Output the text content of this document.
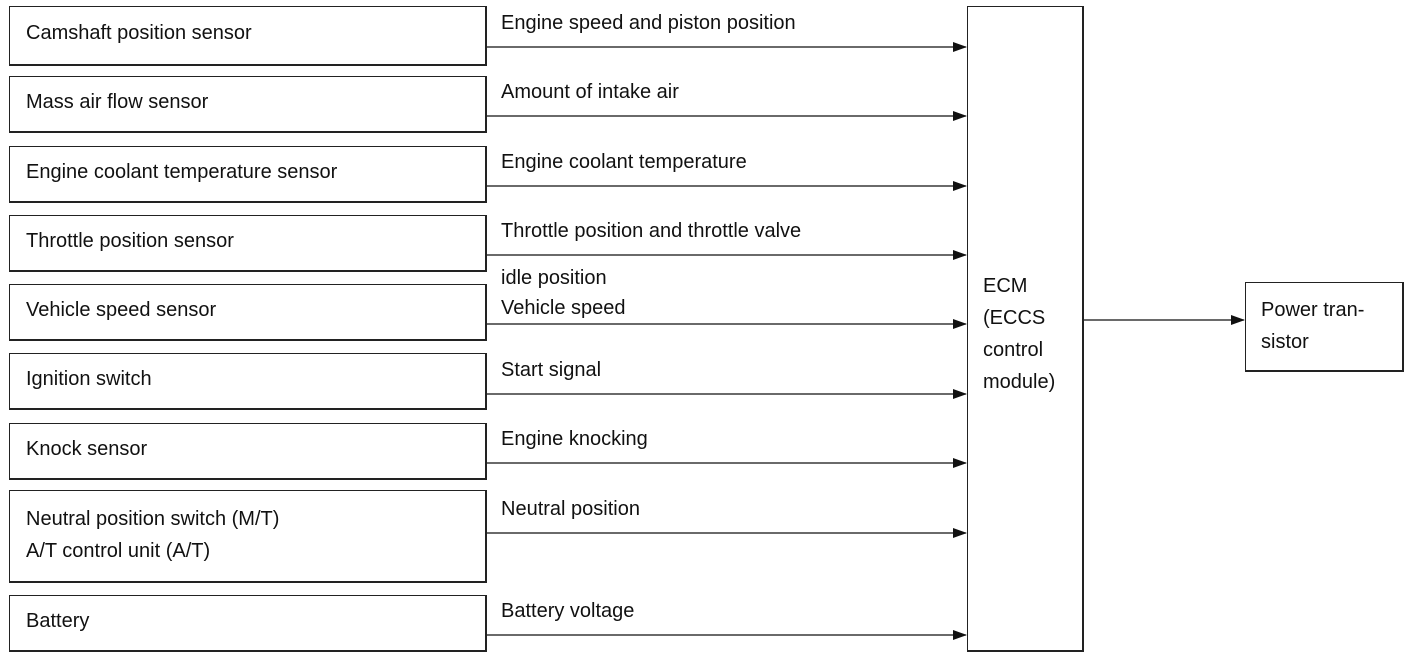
Camshaft position sensor
Mass air flow sensor
Engine coolant temperature sensor
Throttle position sensor
Vehicle speed sensor
Ignition switch
Knock sensor
Neutral position switch (M/T)
A/T control unit (A/T)
Battery
Engine speed and piston position
Amount of intake air
Engine coolant temperature
Throttle position and throttle valve
idle position
Vehicle speed
Start signal
Engine knocking
Neutral position
Battery voltage
ECM
(ECCS
control
module)
Power tran-
sistor
